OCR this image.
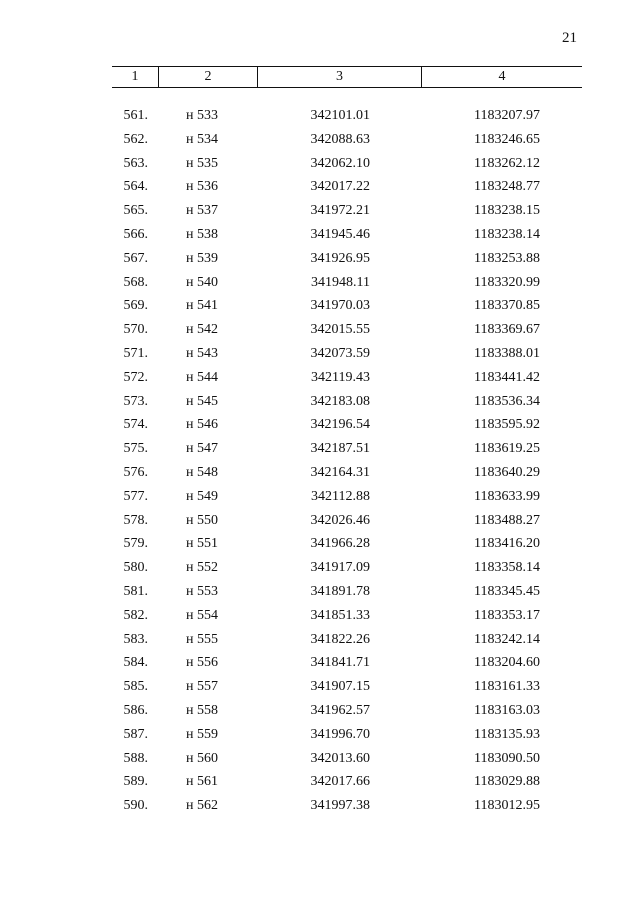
21
1	2	3	4
561.	н 533	342101.01	1183207.97
562.	н 534	342088.63	1183246.65
563.	н 535	342062.10	1183262.12
564.	н 536	342017.22	1183248.77
565.	н 537	341972.21	1183238.15
566.	н 538	341945.46	1183238.14
567.	н 539	341926.95	1183253.88
568.	н 540	341948.11	1183320.99
569.	н 541	341970.03	1183370.85
570.	н 542	342015.55	1183369.67
571.	н 543	342073.59	1183388.01
572.	н 544	342119.43	1183441.42
573.	н 545	342183.08	1183536.34
574.	н 546	342196.54	1183595.92
575.	н 547	342187.51	1183619.25
576.	н 548	342164.31	1183640.29
577.	н 549	342112.88	1183633.99
578.	н 550	342026.46	1183488.27
579.	н 551	341966.28	1183416.20
580.	н 552	341917.09	1183358.14
581.	н 553	341891.78	1183345.45
582.	н 554	341851.33	1183353.17
583.	н 555	341822.26	1183242.14
584.	н 556	341841.71	1183204.60
585.	н 557	341907.15	1183161.33
586.	н 558	341962.57	1183163.03
587.	н 559	341996.70	1183135.93
588.	н 560	342013.60	1183090.50
589.	н 561	342017.66	1183029.88
590.	н 562	341997.38	1183012.95
